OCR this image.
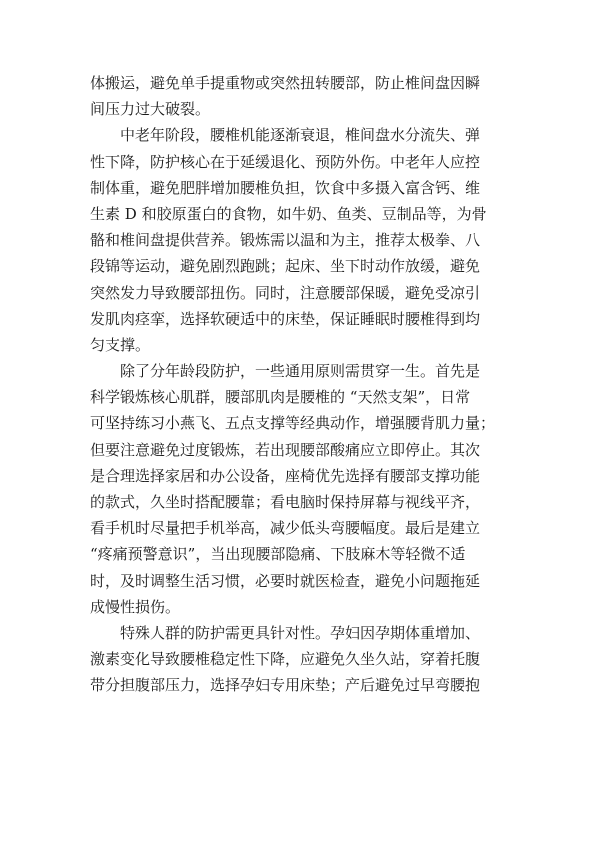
体搬运，避免单手提重物或突然扭转腰部，防止椎间盘因瞬
间压力过大破裂。
中老年阶段，腰椎机能逐渐衰退，椎间盘水分流失、弹
性下降，防护核心在于延缓退化、预防外伤。中老年人应控
制体重，避免肥胖增加腰椎负担，饮食中多摄入富含钙、维
生素 D 和胶原蛋白的食物，如牛奶、鱼类、豆制品等，为骨
骼和椎间盘提供营养。锻炼需以温和为主，推荐太极拳、八
段锦等运动，避免剧烈跑跳；起床、坐下时动作放缓，避免
突然发力导致腰部扭伤。同时，注意腰部保暖，避免受凉引
发肌肉痉挛，选择软硬适中的床垫，保证睡眠时腰椎得到均
匀支撑。
除了分年龄段防护，一些通用原则需贯穿一生。首先是
科学锻炼核心肌群，腰部肌肉是腰椎的 “天然支架”，日常
可坚持练习小燕飞、五点支撑等经典动作，增强腰背肌力量；
但要注意避免过度锻炼，若出现腰部酸痛应立即停止。其次
是合理选择家居和办公设备，座椅优先选择有腰部支撑功能
的款式，久坐时搭配腰靠；看电脑时保持屏幕与视线平齐，
看手机时尽量把手机举高，减少低头弯腰幅度。最后是建立
“疼痛预警意识”，当出现腰部隐痛、下肢麻木等轻微不适
时，及时调整生活习惯，必要时就医检查，避免小问题拖延
成慢性损伤。
特殊人群的防护需更具针对性。孕妇因孕期体重增加、
激素变化导致腰椎稳定性下降，应避免久坐久站，穿着托腹
带分担腹部压力，选择孕妇专用床垫；产后避免过早弯腰抱
